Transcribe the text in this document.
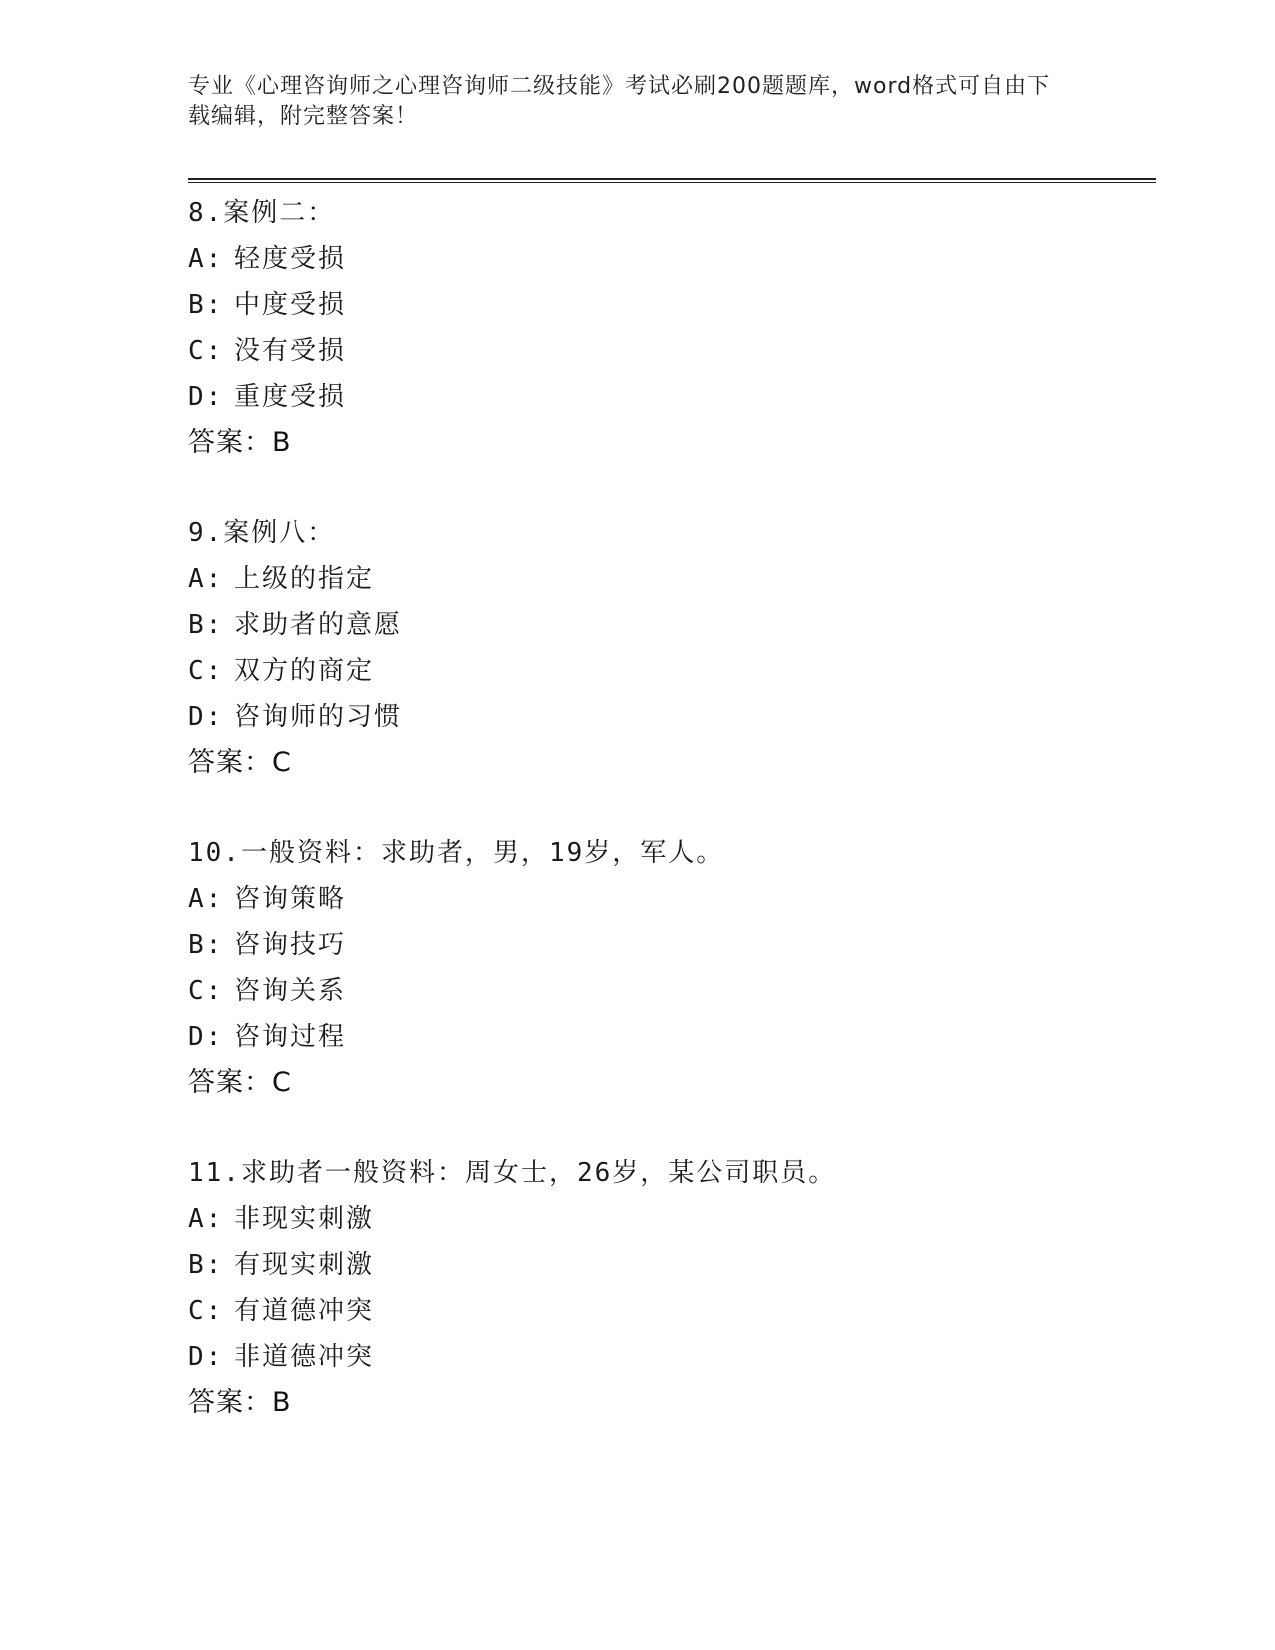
专业《心理咨询师之心理咨询师二级技能》考试必刷200题题库，word格式可自由下载编辑，附完整答案！
8.案例二：
A: 轻度受损
B: 中度受损
C: 没有受损
D: 重度受损
答案：B
9.案例八：
A: 上级的指定
B: 求助者的意愿
C: 双方的商定
D: 咨询师的习惯
答案：C
10.一般资料：求助者，男，19岁，军人。
A: 咨询策略
B: 咨询技巧
C: 咨询关系
D: 咨询过程
答案：C
11.求助者一般资料：周女士，26岁，某公司职员。
A: 非现实刺激
B: 有现实刺激
C: 有道德冲突
D: 非道德冲突
答案：B
